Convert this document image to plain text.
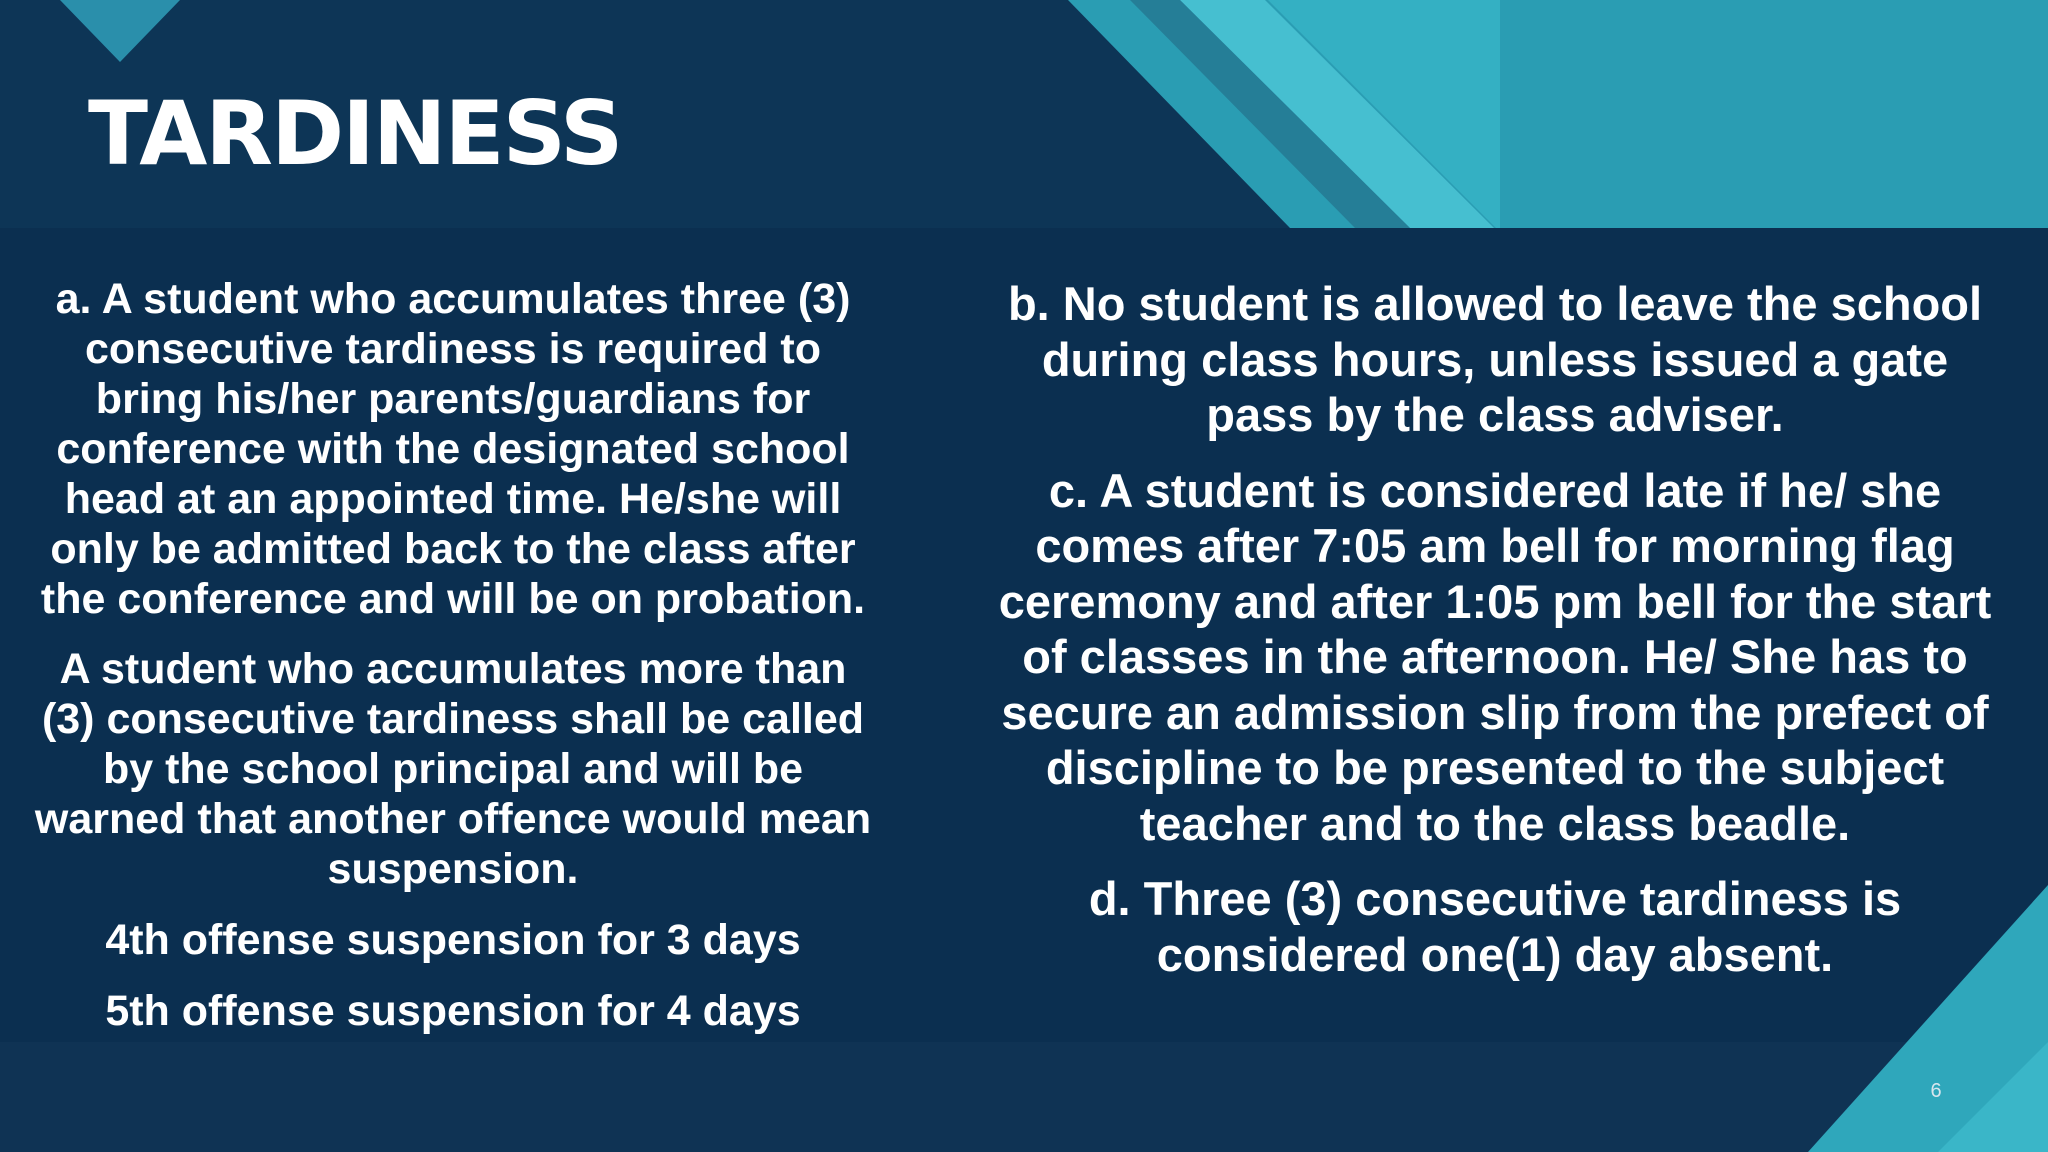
TARDINESS

a. A student who accumulates three (3) consecutive tardiness is required to bring his/her parents/guardians for conference with the designated school head at an appointed time. He/she will only be admitted back to the class after the conference and will be on probation.

A student who accumulates more than (3) consecutive tardiness shall be called by the school principal and will be warned that another offence would mean suspension.

4th offense suspension for 3 days

5th offense suspension for 4 days

b. No student is allowed to leave the school during class hours, unless issued a gate pass by the class adviser.

c. A student is considered late if he/ she comes after 7:05 am bell for morning flag ceremony and after 1:05 pm bell for the start of classes in the afternoon. He/ She has to secure an admission slip from the prefect of discipline to be presented to the subject teacher and to the class beadle.

d. Three (3) consecutive tardiness is considered one(1) day absent.

6
